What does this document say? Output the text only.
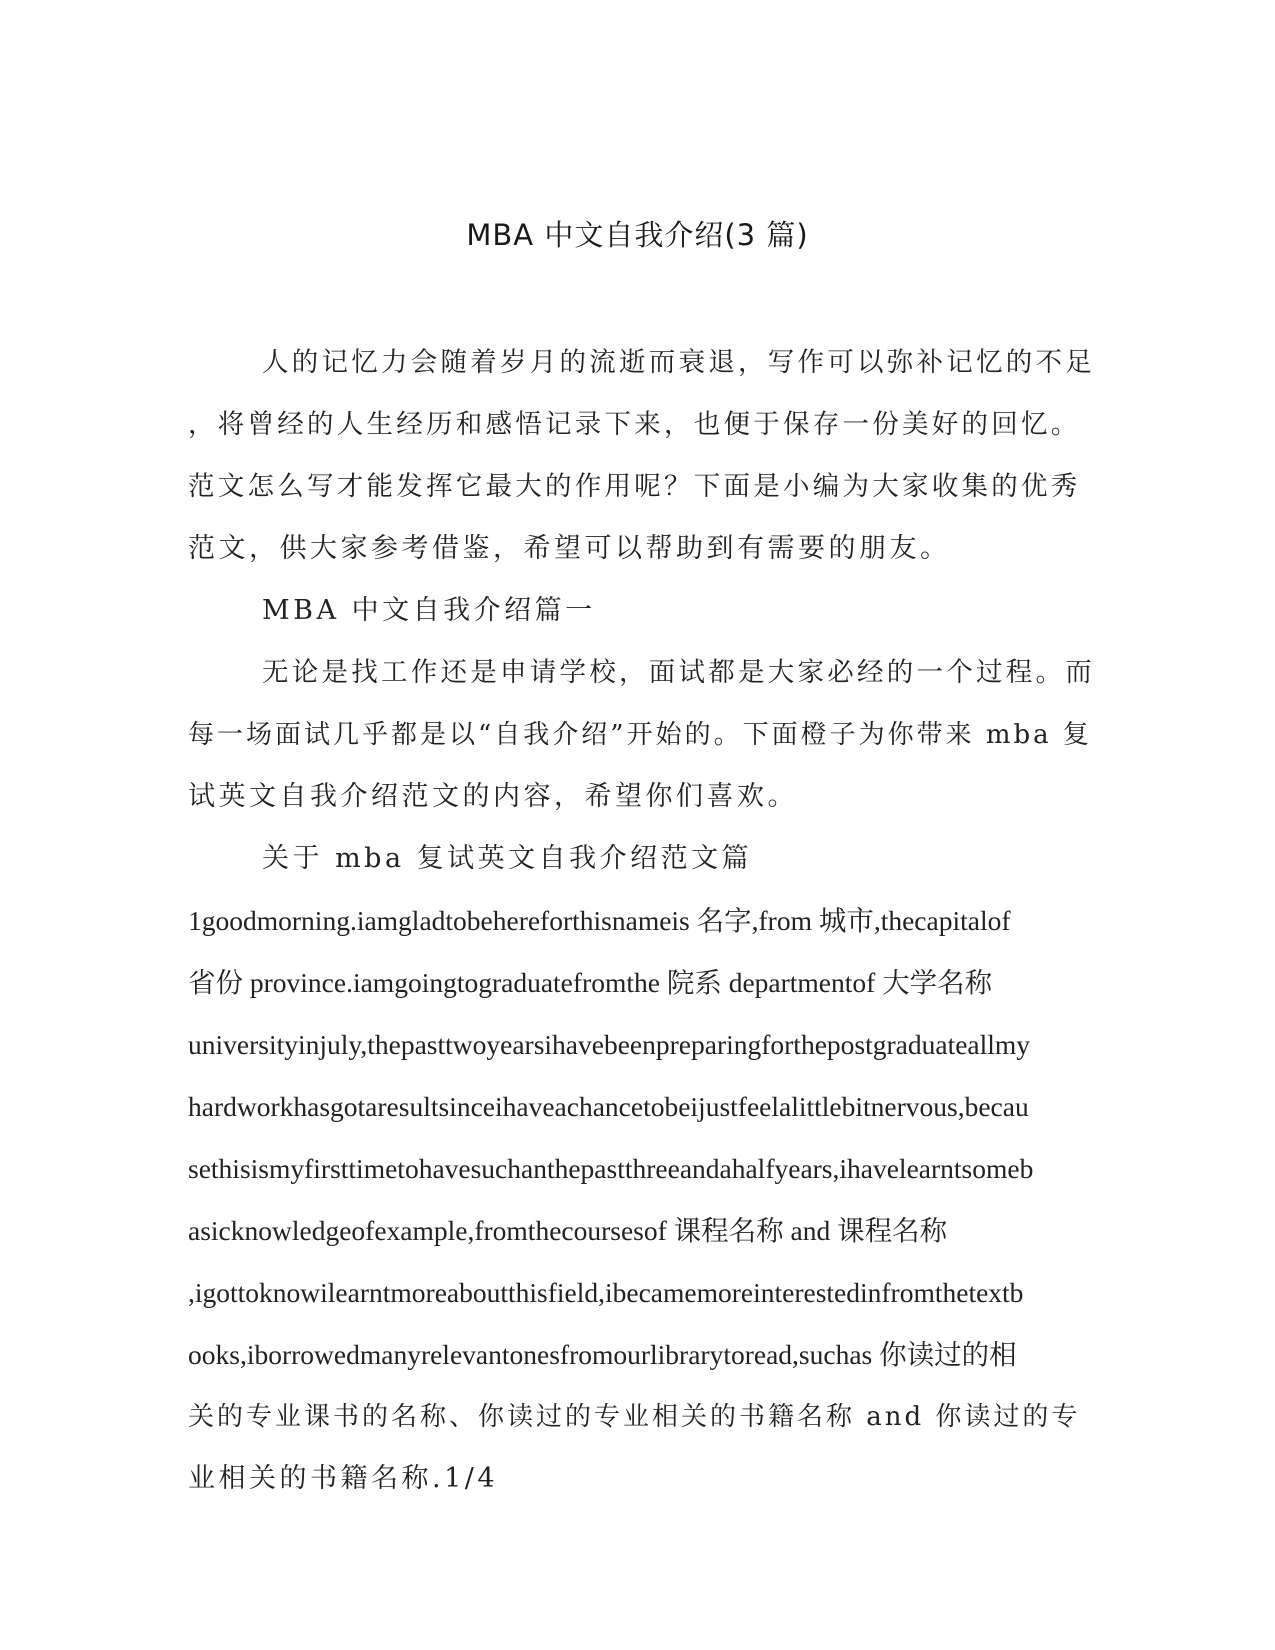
MBA 中文自我介绍(3 篇)
人的记忆力会随着岁月的流逝而衰退，写作可以弥补记忆的不足
，将曾经的人生经历和感悟记录下来，也便于保存一份美好的回忆。
范文怎么写才能发挥它最大的作用呢？下面是小编为大家收集的优秀
范文，供大家参考借鉴，希望可以帮助到有需要的朋友。
MBA 中文自我介绍篇一
无论是找工作还是申请学校，面试都是大家必经的一个过程。而
每一场面试几乎都是以“自我介绍”开始的。下面橙子为你带来 mba 复
试英文自我介绍范文的内容，希望你们喜欢。
关于 mba 复试英文自我介绍范文篇
1goodmorning.iamgladtobehereforthisnameis 名字,from 城市,thecapitalof
省份 province.iamgoingtograduatefromthe 院系 departmentof 大学名称
universityinjuly,thepasttwoyearsihavebeenpreparingforthepostgraduateallmy
hardworkhasgotaresultsinceihaveachancetobeijustfeelalittlebitnervous,becau
sethisismyfirsttimetohavesuchanthepastthreeandahalfyears,ihavelearntsomeb
asicknowledgeofexample,fromthecoursesof 课程名称 and 课程名称
,igottoknowilearntmoreaboutthisfield,ibecamemoreinterestedinfromthetextb
ooks,iborrowedmanyrelevantonesfromourlibrarytoread,suchas 你读过的相
关的专业课书的名称、你读过的专业相关的书籍名称 and 你读过的专
业相关的书籍名称.1/4
